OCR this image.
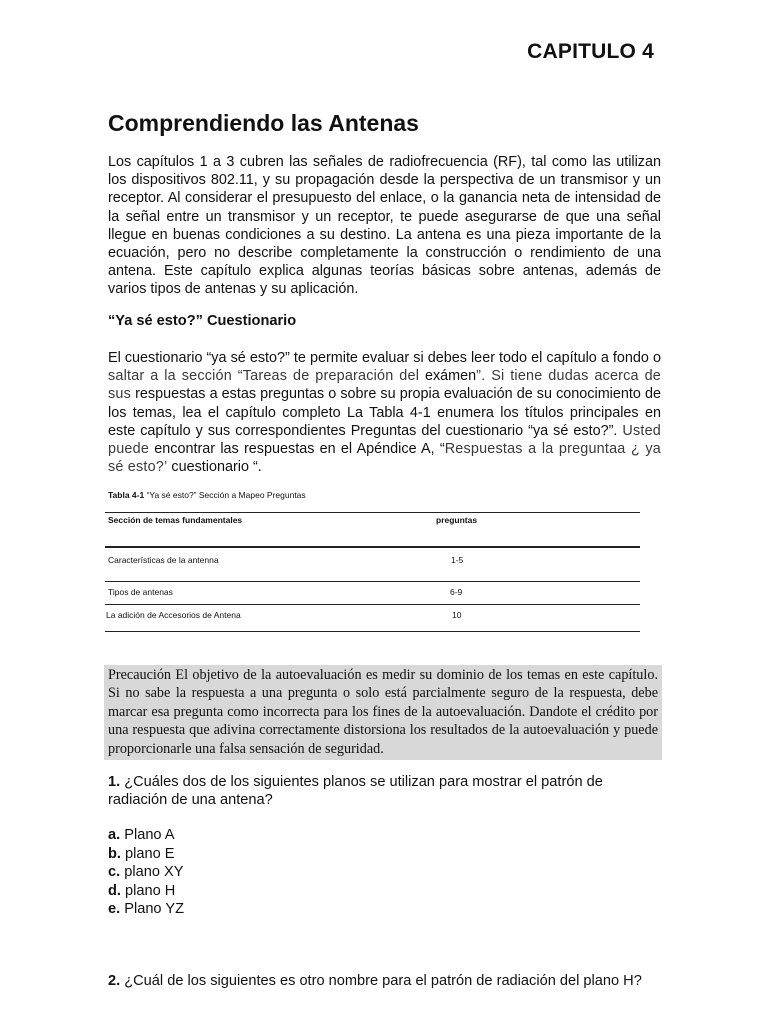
CAPITULO 4
Comprendiendo las Antenas

Los capítulos 1 a 3 cubren las señales de radiofrecuencia (RF), tal como las utilizan los dispositivos 802.11, y su propagación desde la perspectiva de un transmisor y un receptor. Al considerar el presupuesto del enlace, o la ganancia neta de intensidad de la señal entre un transmisor y un receptor, te puede asegurarse de que una señal llegue en buenas condiciones a su destino. La antena es una pieza importante de la ecuación, pero no describe completamente la construcción o rendimiento de una antena. Este capítulo explica algunas teorías básicas sobre antenas, además de varios tipos de antenas y su aplicación.

“Ya sé esto?” Cuestionario

El cuestionario “ya sé esto?” te permite evaluar si debes leer todo el capítulo a fondo o saltar a la sección “Tareas de preparación del exámen”. Si tiene dudas acerca de sus respuestas a estas preguntas o sobre su propia evaluación de su conocimiento de los temas, lea el capítulo completo La Tabla 4-1 enumera los títulos principales en este capítulo y sus correspondientes Preguntas del cuestionario “ya sé esto?”. Usted puede encontrar las respuestas en el Apéndice A, “Respuestas a la preguntaa ¿ ya sé esto?’ cuestionario “.

Tabla 4-1 “Ya sé esto?” Sección a Mapeo Preguntas
Sección de temas fundamentales	preguntas
Características de la antenna	1-5
Tipos de antenas	6-9
La adición de Accesorios de Antena	10

Precaución El objetivo de la autoevaluación es medir su dominio de los temas en este capítulo. Si no sabe la respuesta a una pregunta o solo está parcialmente seguro de la respuesta, debe marcar esa pregunta como incorrecta para los fines de la autoevaluación. Dandote el crédito por una respuesta que adivina correctamente distorsiona los resultados de la autoevaluación y puede proporcionarle una falsa sensación de seguridad.

1. ¿Cuáles dos de los siguientes planos se utilizan para mostrar el patrón de radiación de una antena?

a. Plano A
b. plano E
c. plano XY
d. plano H
e. Plano YZ

2. ¿Cuál de los siguientes es otro nombre para el patrón de radiación del plano H?
